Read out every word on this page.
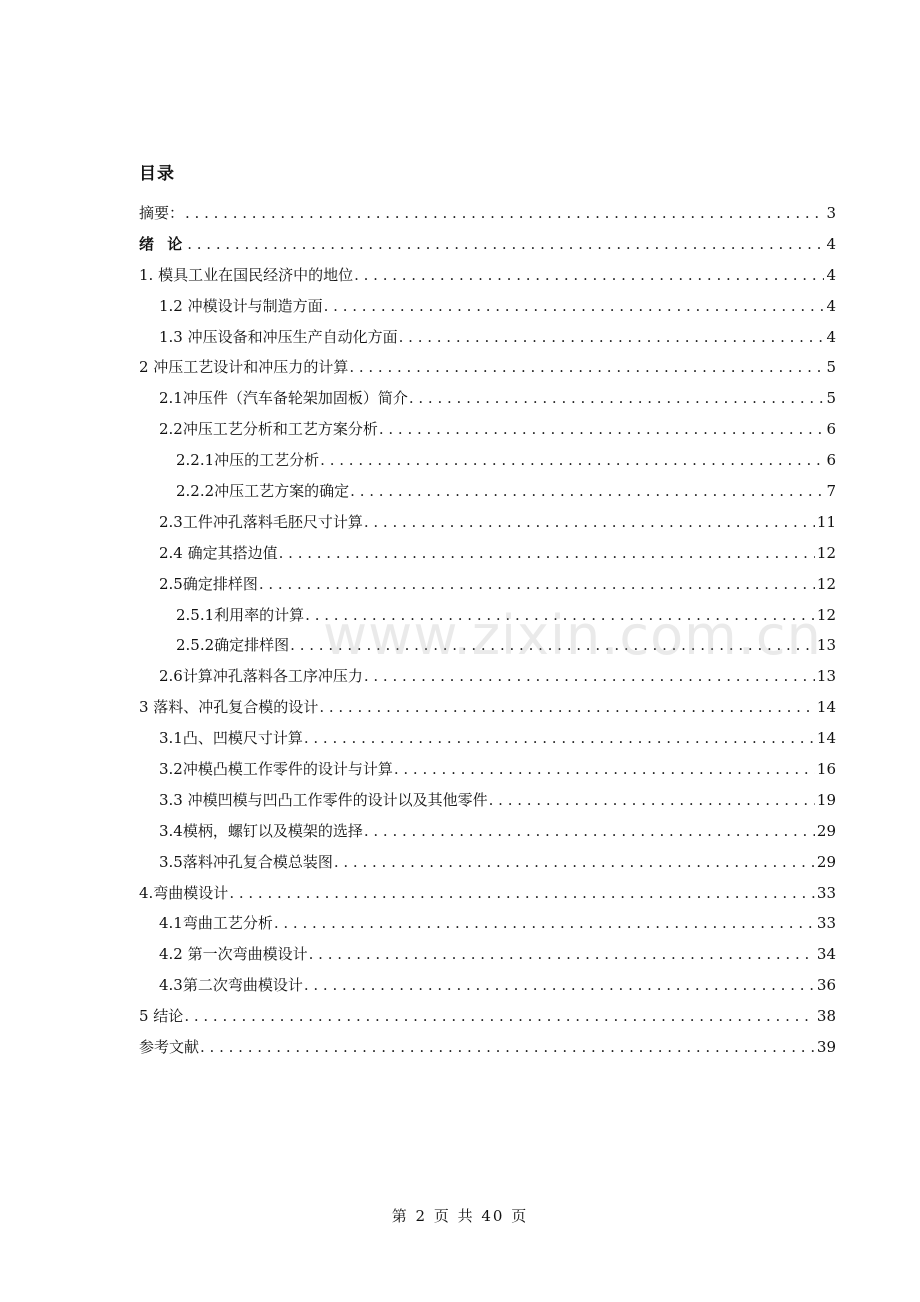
目录
摘要： . . .	3
绪 论 . . .	4
1. 模具工业在国民经济中的地位 . . .	4
1.2 冲模设计与制造方面 . . .	4
1.3 冲压设备和冲压生产自动化方面 . . .	4
2 冲压工艺设计和冲压力的计算 . . .	5
2.1冲压件（汽车备轮架加固板）简介 . . .	5
2.2冲压工艺分析和工艺方案分析 . . .	6
2.2.1冲压的工艺分析 . . .	6
2.2.2冲压工艺方案的确定 . . .	7
2.3工件冲孔落料毛胚尺寸计算 . . .	11
2.4 确定其搭边值 . . .	12
2.5确定排样图 . . .	12
2.5.1利用率的计算 . . .	12
2.5.2确定排样图 . . .	13
2.6计算冲孔落料各工序冲压力 . . .	13
3 落料、冲孔复合模的设计 . . .	14
3.1凸、凹模尺寸计算 . . .	14
3.2冲模凸模工作零件的设计与计算 . . .	16
3.3 冲模凹模与凹凸工作零件的设计以及其他零件 . . .	19
3.4模柄，螺钉以及模架的选择 . . .	29
3.5落料冲孔复合模总装图 . . .	29
4.弯曲模设计 . . .	33
4.1弯曲工艺分析 . . .	33
4.2 第一次弯曲模设计 . . .	34
4.3第二次弯曲模设计 . . .	36
5 结论 . . .	38
参考文献 . . .	39
www.zixin.com.cn
第 2 页 共 40 页
